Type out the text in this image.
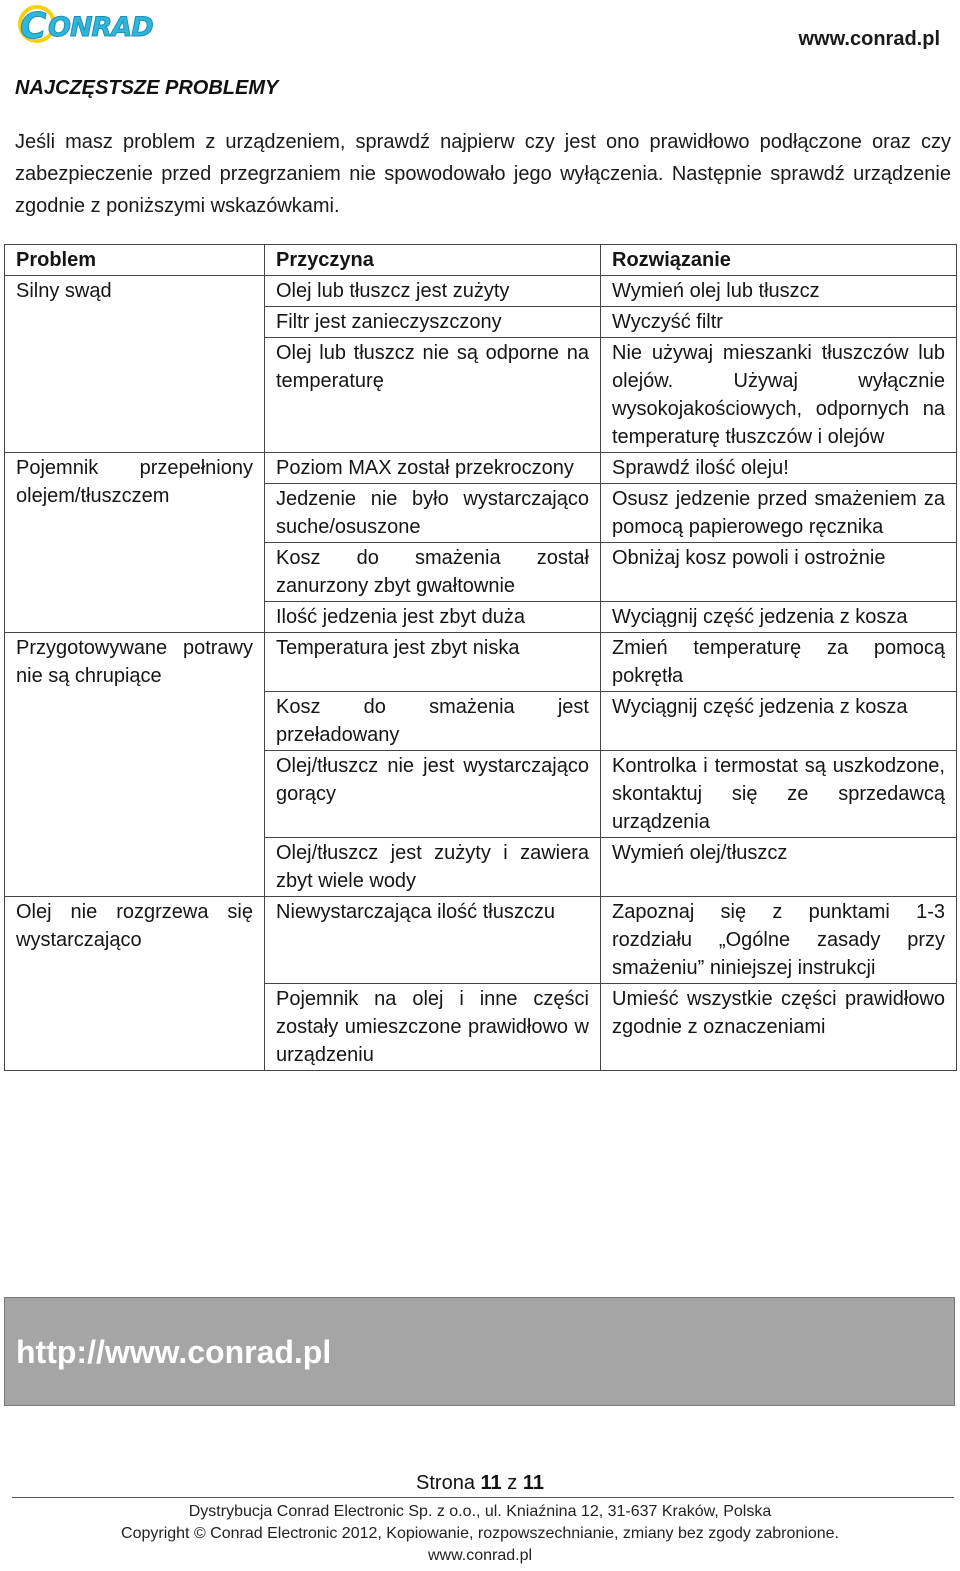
C ONRAD	www.conrad.pl
NAJCZĘSTSZE PROBLEMY
Jeśli masz problem z urządzeniem, sprawdź najpierw czy jest ono prawidłowo podłączone oraz czy zabezpieczenie przed przegrzaniem nie spowodowało jego wyłączenia. Następnie sprawdź urządzenie zgodnie z poniższymi wskazówkami.
Problem	Przyczyna	Rozwiązanie
Silny swąd	Olej lub tłuszcz jest zużyty	Wymień olej lub tłuszcz
	Filtr jest zanieczyszczony	Wyczyść filtr
	Olej lub tłuszcz nie są odporne na temperaturę	Nie używaj mieszanki tłuszczów lub olejów. Używaj wyłącznie wysokojakościowych, odpornych na temperaturę tłuszczów i olejów
Pojemnik przepełniony olejem/tłuszczem	Poziom MAX został przekroczony	Sprawdź ilość oleju!
	Jedzenie nie było wystarczająco suche/osuszone	Osusz jedzenie przed smażeniem za pomocą papierowego ręcznika
	Kosz do smażenia został zanurzony zbyt gwałtownie	Obniżaj kosz powoli i ostrożnie
	Ilość jedzenia jest zbyt duża	Wyciągnij część jedzenia z kosza
Przygotowywane potrawy nie są chrupiące	Temperatura jest zbyt niska	Zmień temperaturę za pomocą pokrętła
	Kosz do smażenia jest przeładowany	Wyciągnij część jedzenia z kosza
	Olej/tłuszcz nie jest wystarczająco gorący	Kontrolka i termostat są uszkodzone, skontaktuj się ze sprzedawcą urządzenia
	Olej/tłuszcz jest zużyty i zawiera zbyt wiele wody	Wymień olej/tłuszcz
Olej nie rozgrzewa się wystarczająco	Niewystarczająca ilość tłuszczu	Zapoznaj się z punktami 1-3 rozdziału „Ogólne zasady przy smażeniu” niniejszej instrukcji
	Pojemnik na olej i inne części zostały umieszczone prawidłowo w urządzeniu	Umieść wszystkie części prawidłowo zgodnie z oznaczeniami
http://www.conrad.pl
Strona 11 z 11
Dystrybucja Conrad Electronic Sp. z o.o., ul. Kniaźnina 12, 31-637 Kraków, Polska
Copyright © Conrad Electronic 2012, Kopiowanie, rozpowszechnianie, zmiany bez zgody zabronione.
www.conrad.pl
